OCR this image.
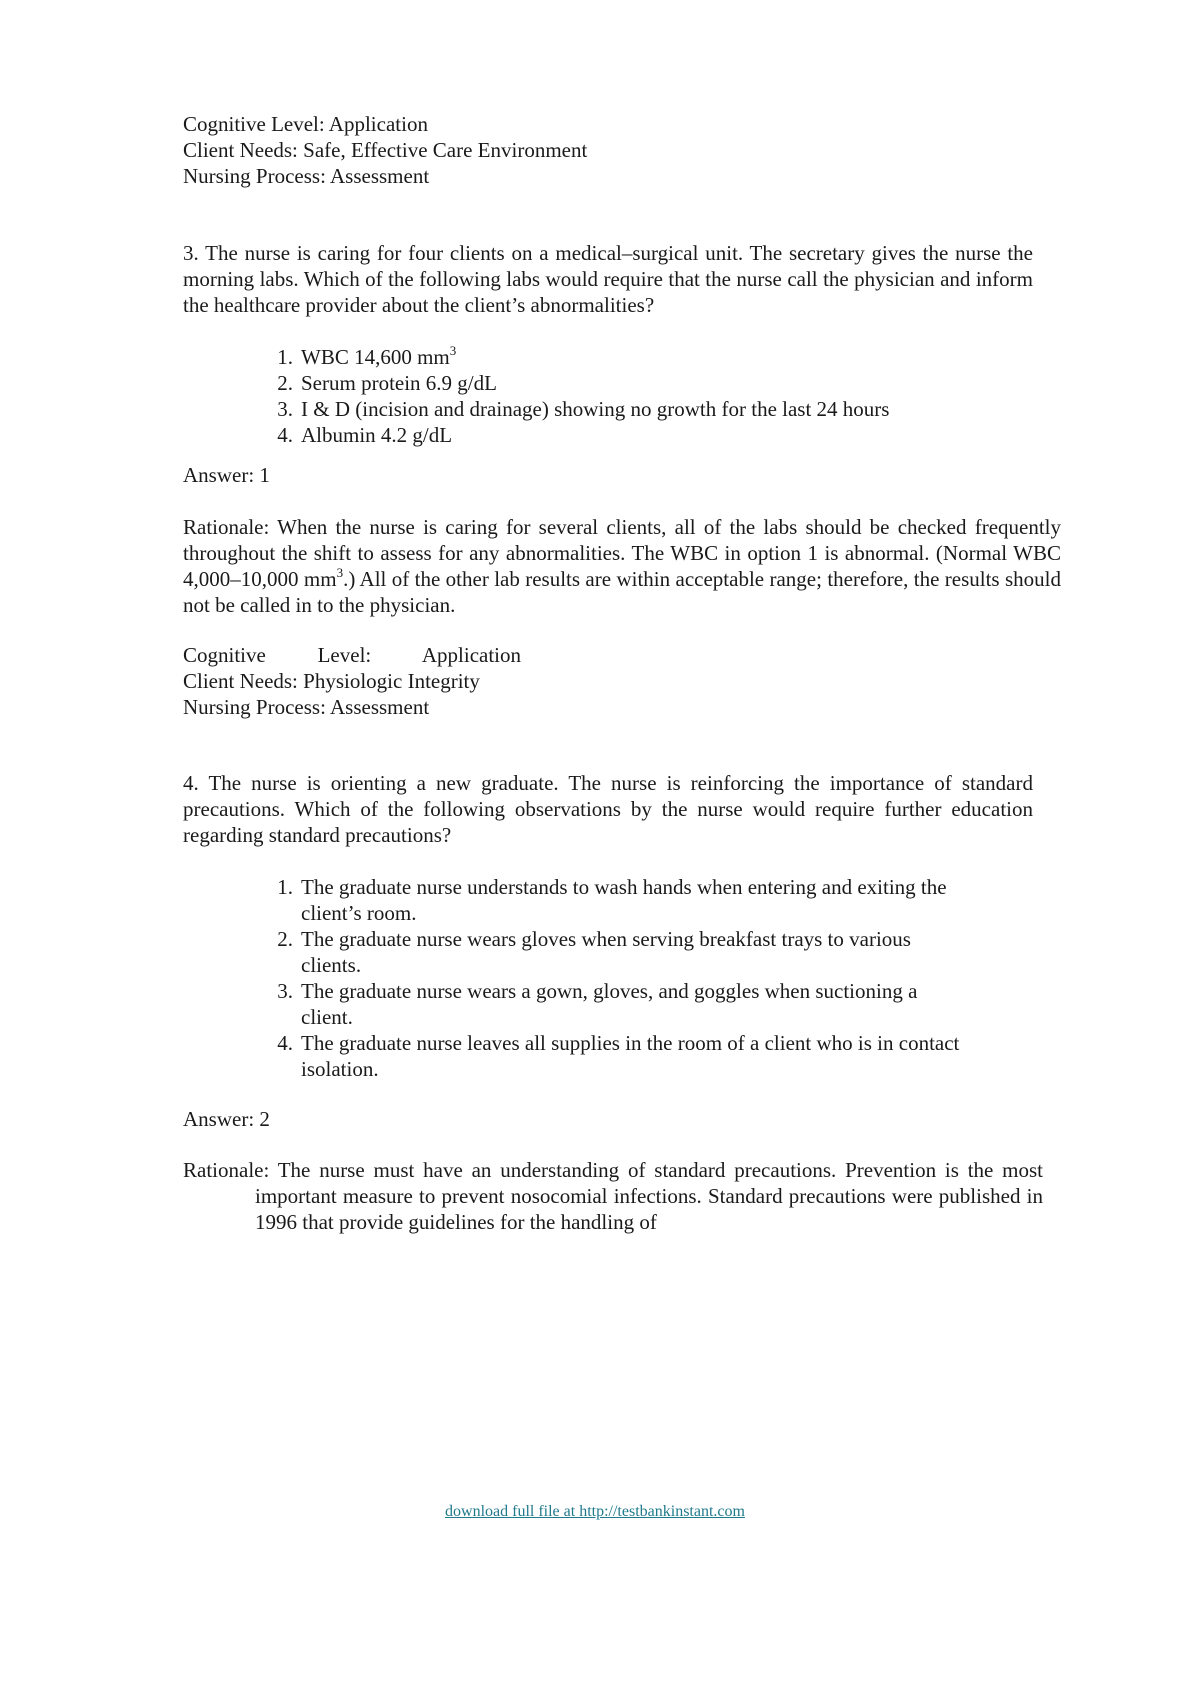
Cognitive Level: Application
Client Needs: Safe, Effective Care Environment
Nursing Process: Assessment
3. The nurse is caring for four clients on a medical–surgical unit. The secretary gives the nurse the morning labs. Which of the following labs would require that the nurse call the physician and inform the healthcare provider about the client’s abnormalities?
1. WBC 14,600 $mm^3$
2. Serum protein 6.9 g/dL
3. I & D (incision and drainage) showing no growth for the last 24 hours
4. Albumin 4.2 g/dL
Answer: 1
Rationale: When the nurse is caring for several clients, all of the labs should be checked frequently throughout the shift to assess for any abnormalities. The WBC in option 1 is abnormal. (Normal WBC 4,000–10,000 $mm^3$.) All of the other lab results are within acceptable range; therefore, the results should not be called in to the physician.
Cognitive Level: Application
Client Needs: Physiologic Integrity
Nursing Process: Assessment
4. The nurse is orienting a new graduate. The nurse is reinforcing the importance of standard precautions. Which of the following observations by the nurse would require further education regarding standard precautions?
1. The graduate nurse understands to wash hands when entering and exiting the client’s room.
2. The graduate nurse wears gloves when serving breakfast trays to various clients.
3. The graduate nurse wears a gown, gloves, and goggles when suctioning a client.
4. The graduate nurse leaves all supplies in the room of a client who is in contact isolation.
Answer: 2
Rationale: The nurse must have an understanding of standard precautions. Prevention is the most important measure to prevent nosocomial infections. Standard precautions were published in 1996 that provide guidelines for the handling of
download full file at http://testbankinstant.com
